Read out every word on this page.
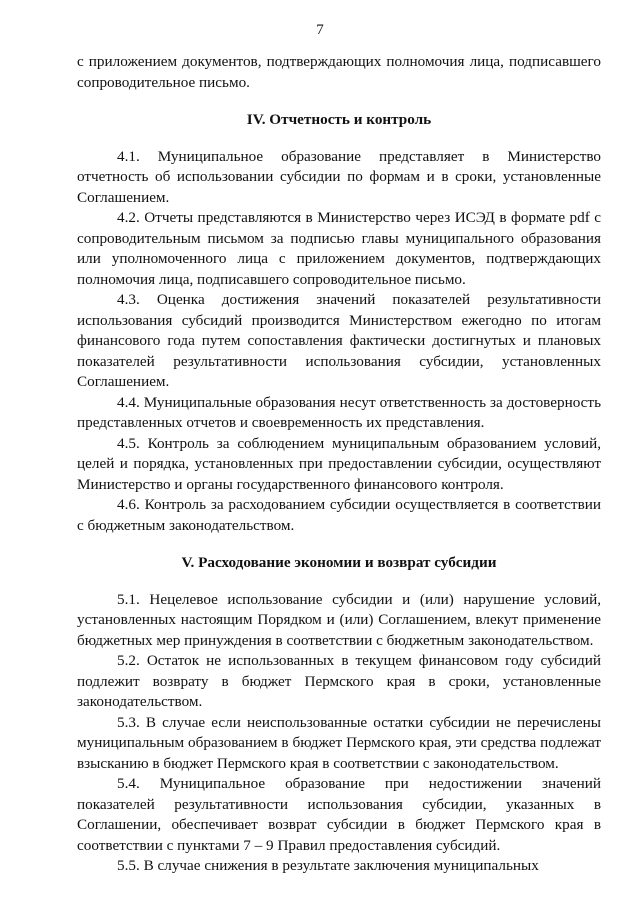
7

с приложением документов, подтверждающих полномочия лица, подписавшего сопроводительное письмо.

IV. Отчетность и контроль

4.1. Муниципальное образование представляет в Министерство отчетность об использовании субсидии по формам и в сроки, установленные Соглашением.

4.2. Отчеты представляются в Министерство через ИСЭД в формате pdf с сопроводительным письмом за подписью главы муниципального образования или уполномоченного лица с приложением документов, подтверждающих полномочия лица, подписавшего сопроводительное письмо.

4.3. Оценка достижения значений показателей результативности использования субсидий производится Министерством ежегодно по итогам финансового года путем сопоставления фактически достигнутых и плановых показателей результативности использования субсидии, установленных Соглашением.

4.4. Муниципальные образования несут ответственность за достоверность представленных отчетов и своевременность их представления.

4.5. Контроль за соблюдением муниципальным образованием условий, целей и порядка, установленных при предоставлении субсидии, осуществляют Министерство и органы государственного финансового контроля.

4.6. Контроль за расходованием субсидии осуществляется в соответствии с бюджетным законодательством.

V. Расходование экономии и возврат субсидии

5.1. Нецелевое использование субсидии и (или) нарушение условий, установленных настоящим Порядком и (или) Соглашением, влекут применение бюджетных мер принуждения в соответствии с бюджетным законодательством.

5.2. Остаток не использованных в текущем финансовом году субсидий подлежит возврату в бюджет Пермского края в сроки, установленные законодательством.

5.3. В случае если неиспользованные остатки субсидии не перечислены муниципальным образованием в бюджет Пермского края, эти средства подлежат взысканию в бюджет Пермского края в соответствии с законодательством.

5.4. Муниципальное образование при недостижении значений показателей результативности использования субсидии, указанных в Соглашении, обеспечивает возврат субсидии в бюджет Пермского края в соответствии с пунктами 7 – 9 Правил предоставления субсидий.

5.5. В случае снижения в результате заключения муниципальных
